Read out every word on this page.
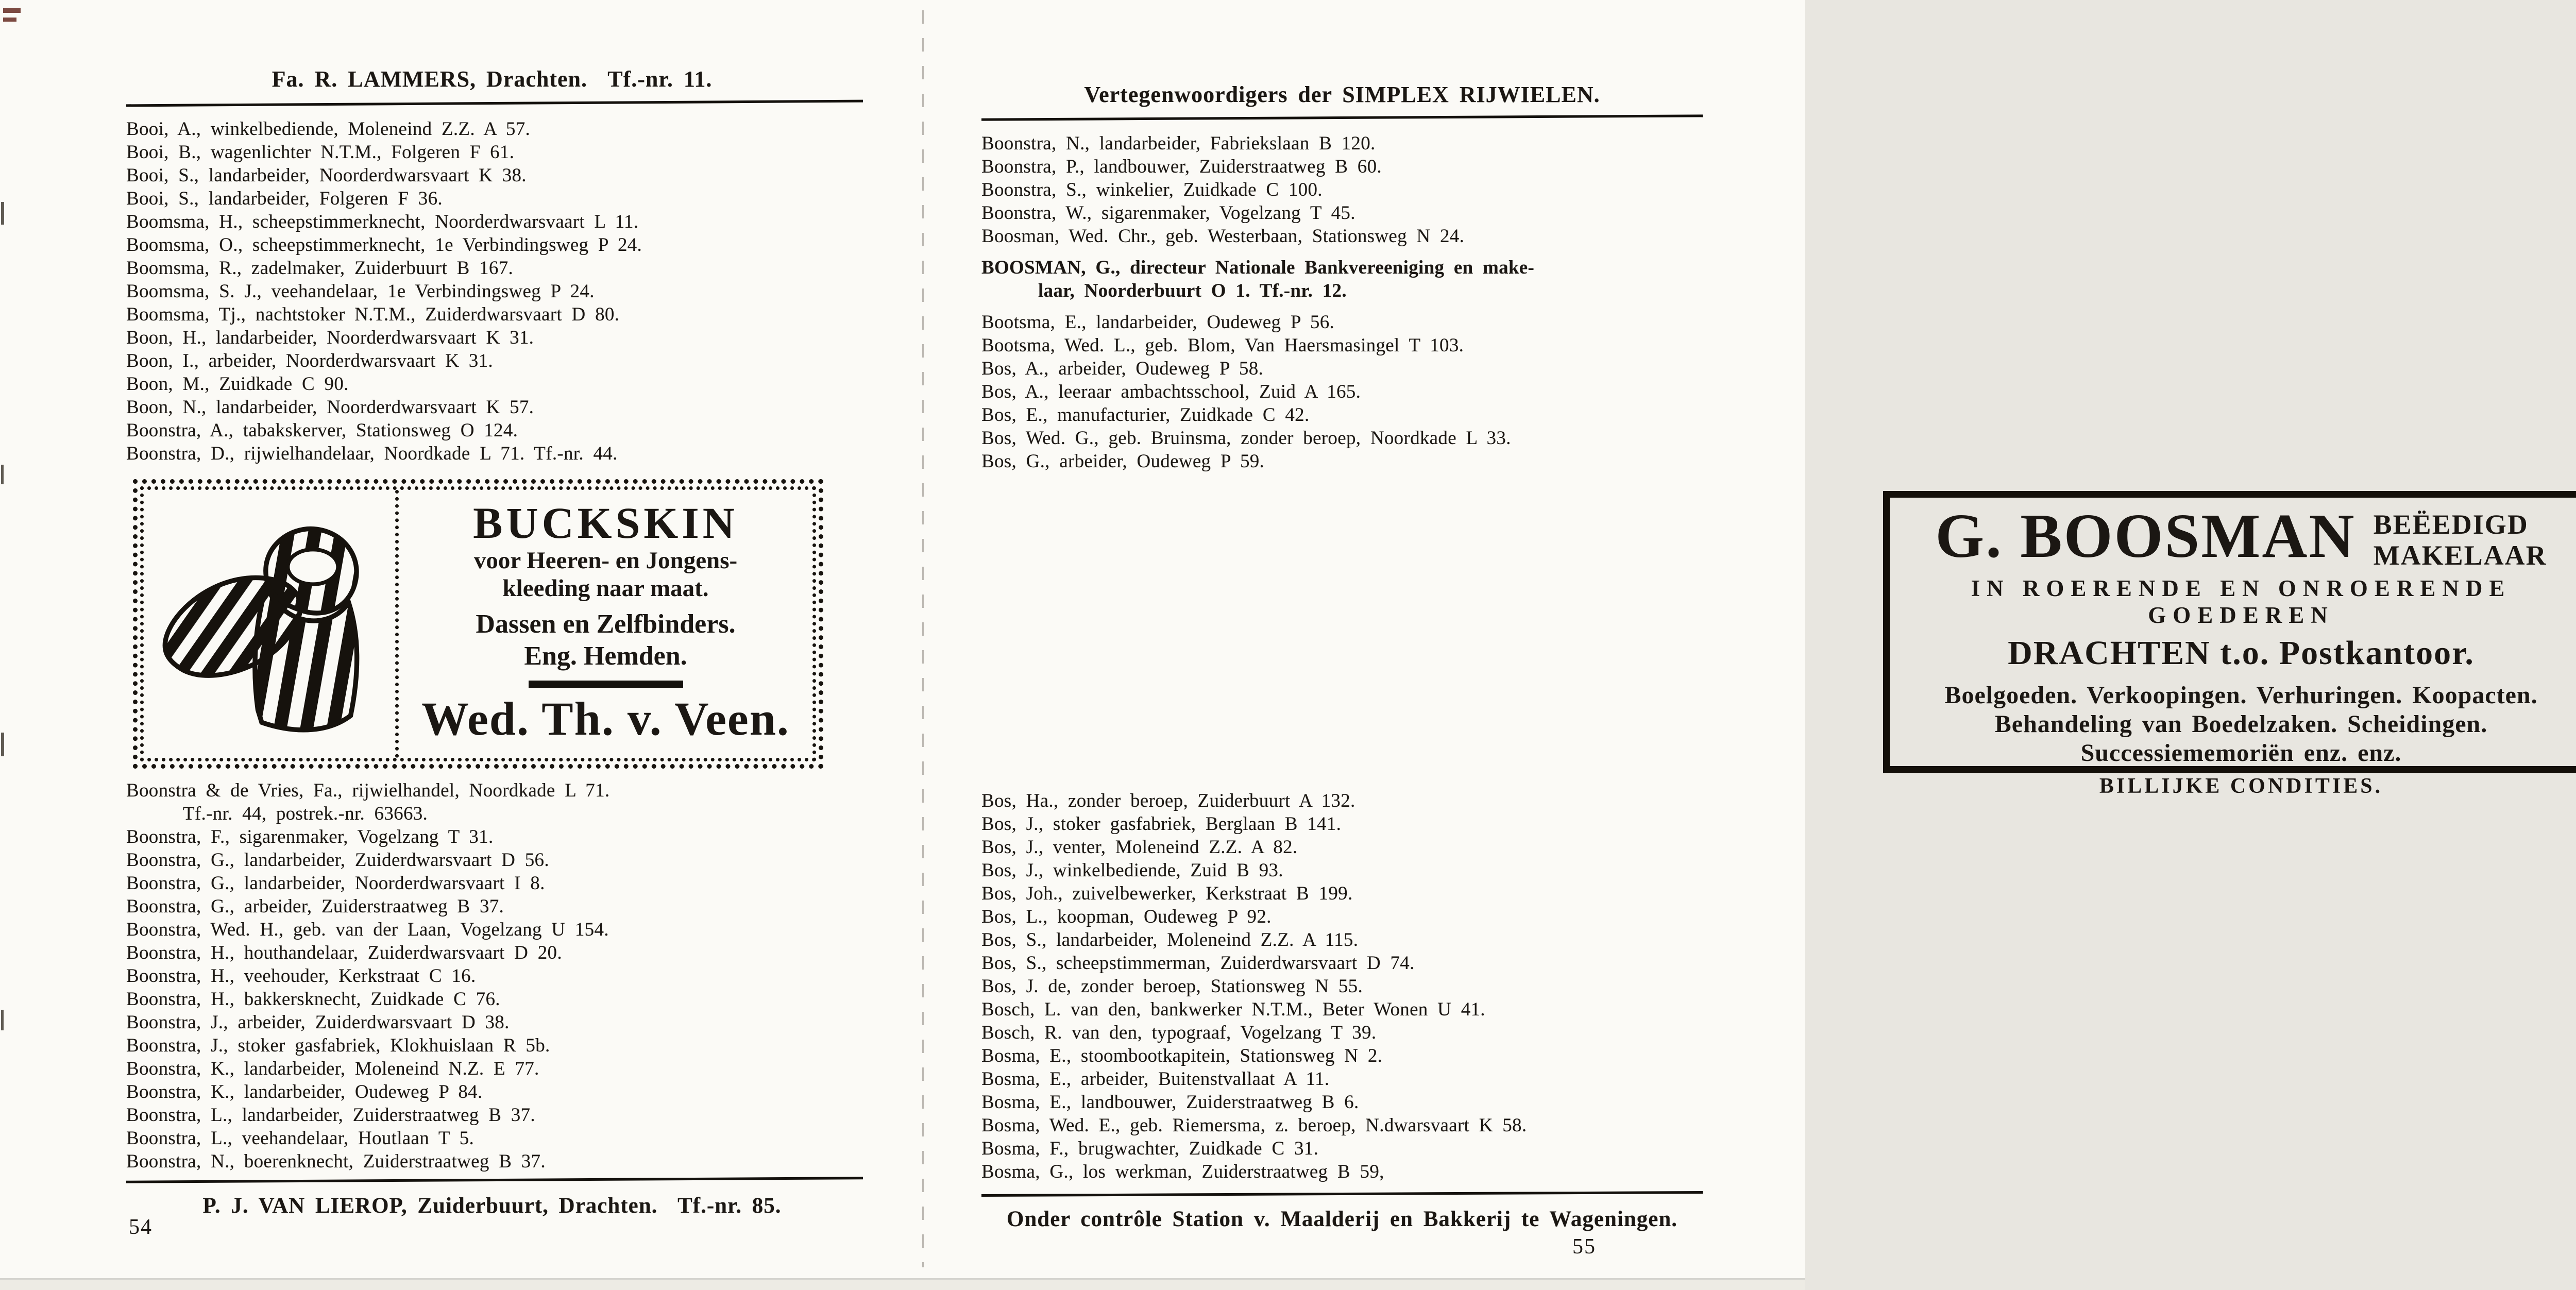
Fa. R. LAMMERS, Drachten.  Tf.-nr. 11.
Booi, A., winkelbediende, Moleneind Z.Z. A 57.
Booi, B., wagenlichter N.T.M., Folgeren F 61.
Booi, S., landarbeider, Noorderdwarsvaart K 38.
Booi, S., landarbeider, Folgeren F 36.
Boomsma, H., scheepstimmerknecht, Noorderdwarsvaart L 11.
Boomsma, O., scheepstimmerknecht, 1e Verbindingsweg P 24.
Boomsma, R., zadelmaker, Zuiderbuurt B 167.
Boomsma, S. J., veehandelaar, 1e Verbindingsweg P 24.
Boomsma, Tj., nachtstoker N.T.M., Zuiderdwarsvaart D 80.
Boon, H., landarbeider, Noorderdwarsvaart K 31.
Boon, I., arbeider, Noorderdwarsvaart K 31.
Boon, M., Zuidkade C 90.
Boon, N., landarbeider, Noorderdwarsvaart K 57.
Boonstra, A., tabakskerver, Stationsweg O 124.
Boonstra, D., rijwielhandelaar, Noordkade L 71. Tf.-nr. 44.
BUCKSKIN
voor Heeren- en Jongens-
kleeding naar maat.
Dassen en Zelfbinders.
Eng. Hemden.
Wed. Th. v. Veen.
Boonstra & de Vries, Fa., rijwielhandel, Noordkade L 71.
Tf.-nr. 44, postrek.-nr. 63663.
Boonstra, F., sigarenmaker, Vogelzang T 31.
Boonstra, G., landarbeider, Zuiderdwarsvaart D 56.
Boonstra, G., landarbeider, Noorderdwarsvaart I 8.
Boonstra, G., arbeider, Zuiderstraatweg B 37.
Boonstra, Wed. H., geb. van der Laan, Vogelzang U 154.
Boonstra, H., houthandelaar, Zuiderdwarsvaart D 20.
Boonstra, H., veehouder, Kerkstraat C 16.
Boonstra, H., bakkersknecht, Zuidkade C 76.
Boonstra, J., arbeider, Zuiderdwarsvaart D 38.
Boonstra, J., stoker gasfabriek, Klokhuislaan R 5b.
Boonstra, K., landarbeider, Moleneind N.Z. E 77.
Boonstra, K., landarbeider, Oudeweg P 84.
Boonstra, L., landarbeider, Zuiderstraatweg B 37.
Boonstra, L., veehandelaar, Houtlaan T 5.
Boonstra, N., boerenknecht, Zuiderstraatweg B 37.
P. J. VAN LIEROP, Zuiderbuurt, Drachten.  Tf.-nr. 85.
54
Vertegenwoordigers der SIMPLEX RIJWIELEN.
Boonstra, N., landarbeider, Fabriekslaan B 120.
Boonstra, P., landbouwer, Zuiderstraatweg B 60.
Boonstra, S., winkelier, Zuidkade C 100.
Boonstra, W., sigarenmaker, Vogelzang T 45.
Boosman, Wed. Chr., geb. Westerbaan, Stationsweg N 24.
BOOSMAN, G., directeur Nationale Bankvereeniging en make-
laar, Noorderbuurt O 1. Tf.-nr. 12.
Bootsma, E., landarbeider, Oudeweg P 56.
Bootsma, Wed. L., geb. Blom, Van Haersmasingel T 103.
Bos, A., arbeider, Oudeweg P 58.
Bos, A., leeraar ambachtsschool, Zuid A 165.
Bos, E., manufacturier, Zuidkade C 42.
Bos, Wed. G., geb. Bruinsma, zonder beroep, Noordkade L 33.
Bos, G., arbeider, Oudeweg P 59.
G. BOOSMAN BEËEDIGD
MAKELAAR
IN ROERENDE EN ONROERENDE GOEDEREN
DRACHTEN t.o. Postkantoor.
Boelgoeden. Verkoopingen. Verhuringen. Koopacten.
Behandeling van Boedelzaken. Scheidingen.
Successiememoriën enz. enz.
BILLIJKE CONDITIES.
Bos, Ha., zonder beroep, Zuiderbuurt A 132.
Bos, J., stoker gasfabriek, Berglaan B 141.
Bos, J., venter, Moleneind Z.Z. A 82.
Bos, J., winkelbediende, Zuid B 93.
Bos, Joh., zuivelbewerker, Kerkstraat B 199.
Bos, L., koopman, Oudeweg P 92.
Bos, S., landarbeider, Moleneind Z.Z. A 115.
Bos, S., scheepstimmerman, Zuiderdwarsvaart D 74.
Bos, J. de, zonder beroep, Stationsweg N 55.
Bosch, L. van den, bankwerker N.T.M., Beter Wonen U 41.
Bosch, R. van den, typograaf, Vogelzang T 39.
Bosma, E., stoombootkapitein, Stationsweg N 2.
Bosma, E., arbeider, Buitenstvallaat A 11.
Bosma, E., landbouwer, Zuiderstraatweg B 6.
Bosma, Wed. E., geb. Riemersma, z. beroep, N.dwarsvaart K 58.
Bosma, F., brugwachter, Zuidkade C 31.
Bosma, G., los werkman, Zuiderstraatweg B 59,
Onder contrôle Station v. Maalderij en Bakkerij te Wageningen.
55
